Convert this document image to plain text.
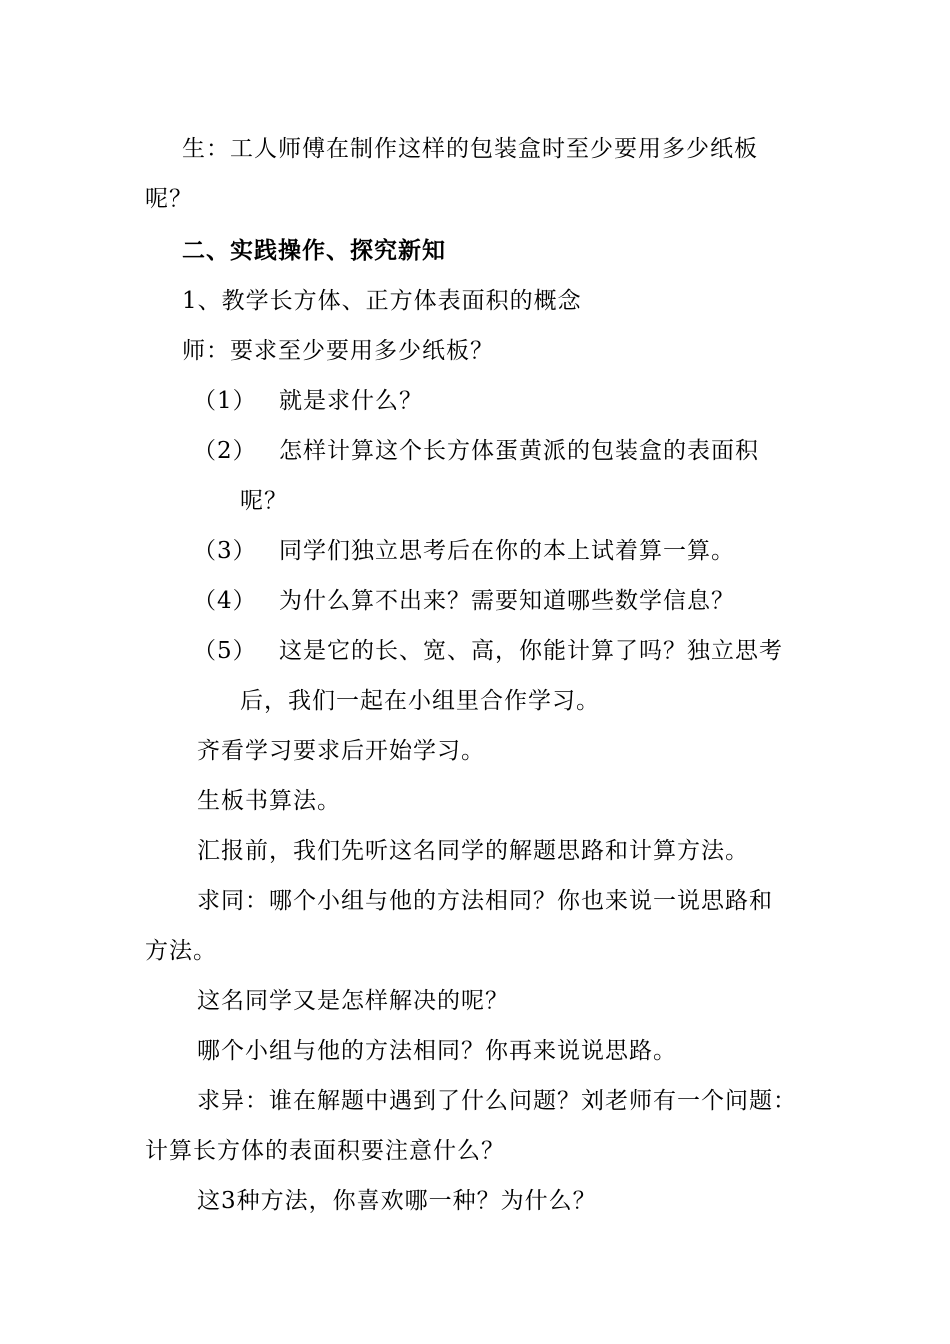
生：工人师傅在制作这样的包装盒时至少要用多少纸板
呢？
二、实践操作、探究新知
1、教学长方体、正方体表面积的概念
师：要求至少要用多少纸板？
（1） 就是求什么？
（2） 怎样计算这个长方体蛋黄派的包装盒的表面积
呢？
（3） 同学们独立思考后在你的本上试着算一算。
（4） 为什么算不出来？需要知道哪些数学信息？
（5） 这是它的长、宽、高，你能计算了吗？独立思考
后，我们一起在小组里合作学习。
齐看学习要求后开始学习。
生板书算法。
汇报前，我们先听这名同学的解题思路和计算方法。
求同：哪个小组与他的方法相同？你也来说一说思路和
方法。
这名同学又是怎样解决的呢？
哪个小组与他的方法相同？你再来说说思路。
求异：谁在解题中遇到了什么问题？刘老师有一个问题：
计算长方体的表面积要注意什么？
这3种方法，你喜欢哪一种？为什么？
